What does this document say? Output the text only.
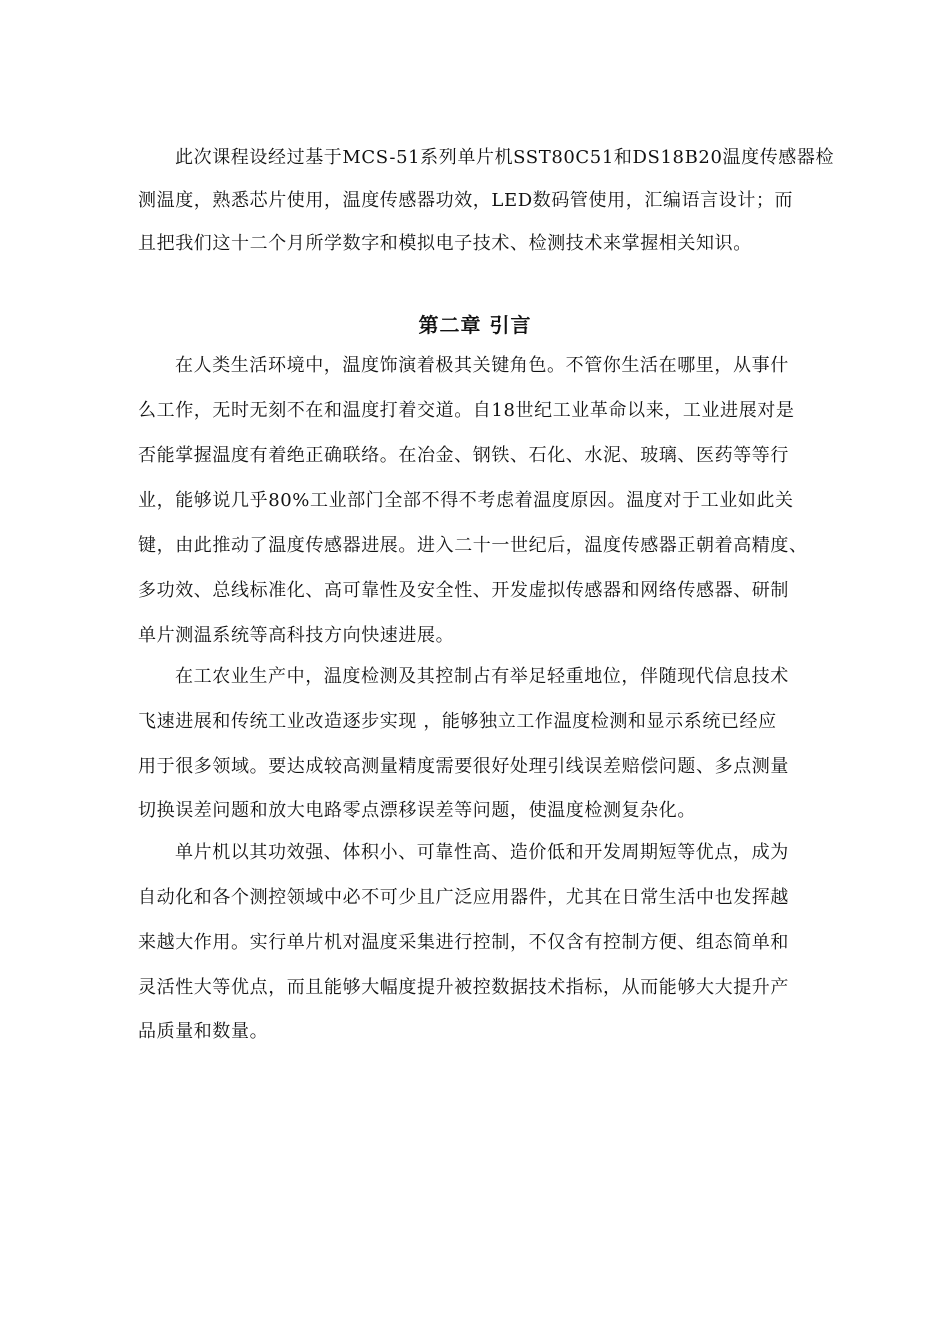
此次课程设经过基于MCS-51系列单片机SST80C51和DS18B20温度传感器检
测温度，熟悉芯片使用，温度传感器功效，LED数码管使用，汇编语言设计；而
且把我们这十二个月所学数字和模拟电子技术、检测技术来掌握相关知识。
第二章 引言
在人类生活环境中，温度饰演着极其关键角色。不管你生活在哪里，从事什
么工作，无时无刻不在和温度打着交道。自18世纪工业革命以来，工业进展对是
否能掌握温度有着绝正确联络。在冶金、钢铁、石化、水泥、玻璃、医药等等行
业，能够说几乎80%工业部门全部不得不考虑着温度原因。温度对于工业如此关
键，由此推动了温度传感器进展。进入二十一世纪后，温度传感器正朝着高精度、
多功效、总线标准化、高可靠性及安全性、开发虚拟传感器和网络传感器、研制
单片测温系统等高科技方向快速进展。
在工农业生产中，温度检测及其控制占有举足轻重地位，伴随现代信息技术
飞速进展和传统工业改造逐步实现 ，能够独立工作温度检测和显示系统已经应
用于很多领域。要达成较高测量精度需要很好处理引线误差赔偿问题、多点测量
切换误差问题和放大电路零点漂移误差等问题，使温度检测复杂化。
单片机以其功效强、体积小、可靠性高、造价低和开发周期短等优点，成为
自动化和各个测控领域中必不可少且广泛应用器件，尤其在日常生活中也发挥越
来越大作用。实行单片机对温度采集进行控制，不仅含有控制方便、组态简单和
灵活性大等优点，而且能够大幅度提升被控数据技术指标，从而能够大大提升产
品质量和数量。
